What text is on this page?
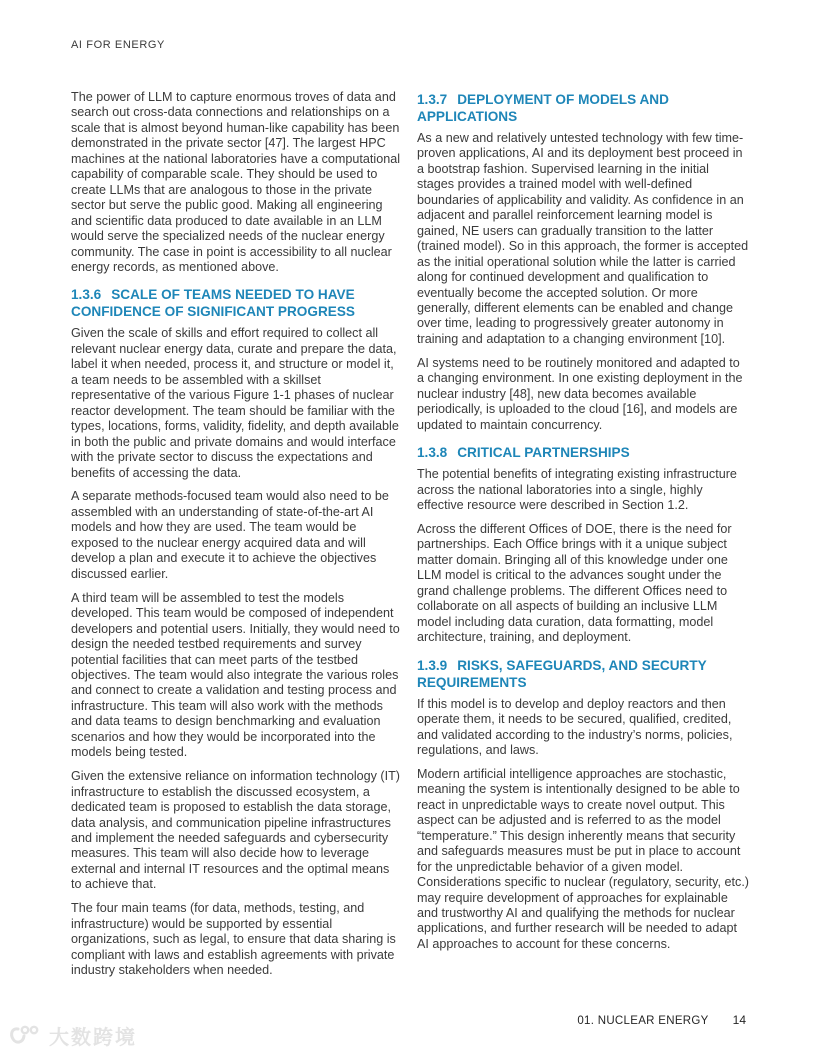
AI FOR ENERGY

The power of LLM to capture enormous troves of data and search out cross-data connections and relationships on a scale that is almost beyond human-like capability has been demonstrated in the private sector [47]. The largest HPC machines at the national laboratories have a computational capability of comparable scale. They should be used to create LLMs that are analogous to those in the private sector but serve the public good. Making all engineering and scientific data produced to date available in an LLM would serve the specialized needs of the nuclear energy community. The case in point is accessibility to all nuclear energy records, as mentioned above.

1.3.6 SCALE OF TEAMS NEEDED TO HAVE CONFIDENCE OF SIGNIFICANT PROGRESS

Given the scale of skills and effort required to collect all relevant nuclear energy data, curate and prepare the data, label it when needed, process it, and structure or model it, a team needs to be assembled with a skillset representative of the various Figure 1-1 phases of nuclear reactor development. The team should be familiar with the types, locations, forms, validity, fidelity, and depth available in both the public and private domains and would interface with the private sector to discuss the expectations and benefits of accessing the data.

A separate methods-focused team would also need to be assembled with an understanding of state-of-the-art AI models and how they are used. The team would be exposed to the nuclear energy acquired data and will develop a plan and execute it to achieve the objectives discussed earlier.

A third team will be assembled to test the models developed. This team would be composed of independent developers and potential users. Initially, they would need to design the needed testbed requirements and survey potential facilities that can meet parts of the testbed objectives. The team would also integrate the various roles and connect to create a validation and testing process and infrastructure. This team will also work with the methods and data teams to design benchmarking and evaluation scenarios and how they would be incorporated into the models being tested.

Given the extensive reliance on information technology (IT) infrastructure to establish the discussed ecosystem, a dedicated team is proposed to establish the data storage, data analysis, and communication pipeline infrastructures and implement the needed safeguards and cybersecurity measures. This team will also decide how to leverage external and internal IT resources and the optimal means to achieve that.

The four main teams (for data, methods, testing, and infrastructure) would be supported by essential organizations, such as legal, to ensure that data sharing is compliant with laws and establish agreements with private industry stakeholders when needed.

1.3.7 DEPLOYMENT OF MODELS AND APPLICATIONS

As a new and relatively untested technology with few time-proven applications, AI and its deployment best proceed in a bootstrap fashion. Supervised learning in the initial stages provides a trained model with well-defined boundaries of applicability and validity. As confidence in an adjacent and parallel reinforcement learning model is gained, NE users can gradually transition to the latter (trained model). So in this approach, the former is accepted as the initial operational solution while the latter is carried along for continued development and qualification to eventually become the accepted solution. Or more generally, different elements can be enabled and change over time, leading to progressively greater autonomy in training and adaptation to a changing environment [10].

AI systems need to be routinely monitored and adapted to a changing environment. In one existing deployment in the nuclear industry [48], new data becomes available periodically, is uploaded to the cloud [16], and models are updated to maintain concurrency.

1.3.8 CRITICAL PARTNERSHIPS

The potential benefits of integrating existing infrastructure across the national laboratories into a single, highly effective resource were described in Section 1.2.

Across the different Offices of DOE, there is the need for partnerships. Each Office brings with it a unique subject matter domain. Bringing all of this knowledge under one LLM model is critical to the advances sought under the grand challenge problems. The different Offices need to collaborate on all aspects of building an inclusive LLM model including data curation, data formatting, model architecture, training, and deployment.

1.3.9 RISKS, SAFEGUARDS, AND SECURTY REQUIREMENTS

If this model is to develop and deploy reactors and then operate them, it needs to be secured, qualified, credited, and validated according to the industry’s norms, policies, regulations, and laws.

Modern artificial intelligence approaches are stochastic, meaning the system is intentionally designed to be able to react in unpredictable ways to create novel output. This aspect can be adjusted and is referred to as the model “temperature.” This design inherently means that security and safeguards measures must be put in place to account for the unpredictable behavior of a given model. Considerations specific to nuclear (regulatory, security, etc.) may require development of approaches for explainable and trustworthy AI and qualifying the methods for nuclear applications, and further research will be needed to adapt AI approaches to account for these concerns.

01. NUCLEAR ENERGY 14
大数跨境
